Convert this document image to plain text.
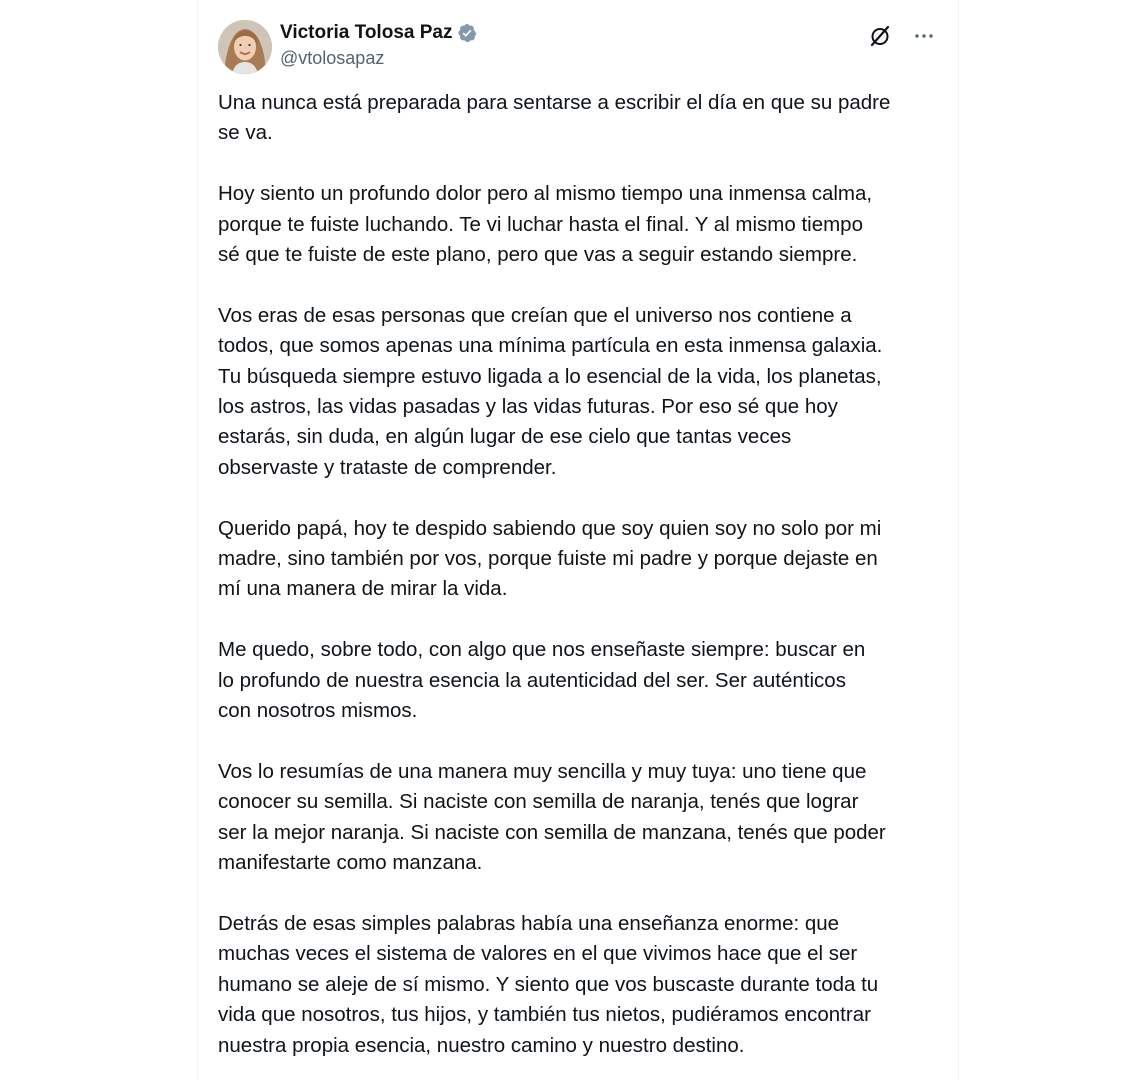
Victoria Tolosa Paz
@vtolosapaz

Una nunca está preparada para sentarse a escribir el día en que su padre
se va.

Hoy siento un profundo dolor pero al mismo tiempo una inmensa calma,
porque te fuiste luchando. Te vi luchar hasta el final. Y al mismo tiempo
sé que te fuiste de este plano, pero que vas a seguir estando siempre.

Vos eras de esas personas que creían que el universo nos contiene a
todos, que somos apenas una mínima partícula en esta inmensa galaxia.
Tu búsqueda siempre estuvo ligada a lo esencial de la vida, los planetas,
los astros, las vidas pasadas y las vidas futuras. Por eso sé que hoy
estarás, sin duda, en algún lugar de ese cielo que tantas veces
observaste y trataste de comprender.

Querido papá, hoy te despido sabiendo que soy quien soy no solo por mi
madre, sino también por vos, porque fuiste mi padre y porque dejaste en
mí una manera de mirar la vida.

Me quedo, sobre todo, con algo que nos enseñaste siempre: buscar en
lo profundo de nuestra esencia la autenticidad del ser. Ser auténticos
con nosotros mismos.

Vos lo resumías de una manera muy sencilla y muy tuya: uno tiene que
conocer su semilla. Si naciste con semilla de naranja, tenés que lograr
ser la mejor naranja. Si naciste con semilla de manzana, tenés que poder
manifestarte como manzana.

Detrás de esas simples palabras había una enseñanza enorme: que
muchas veces el sistema de valores en el que vivimos hace que el ser
humano se aleje de sí mismo. Y siento que vos buscaste durante toda tu
vida que nosotros, tus hijos, y también tus nietos, pudiéramos encontrar
nuestra propia esencia, nuestro camino y nuestro destino.
